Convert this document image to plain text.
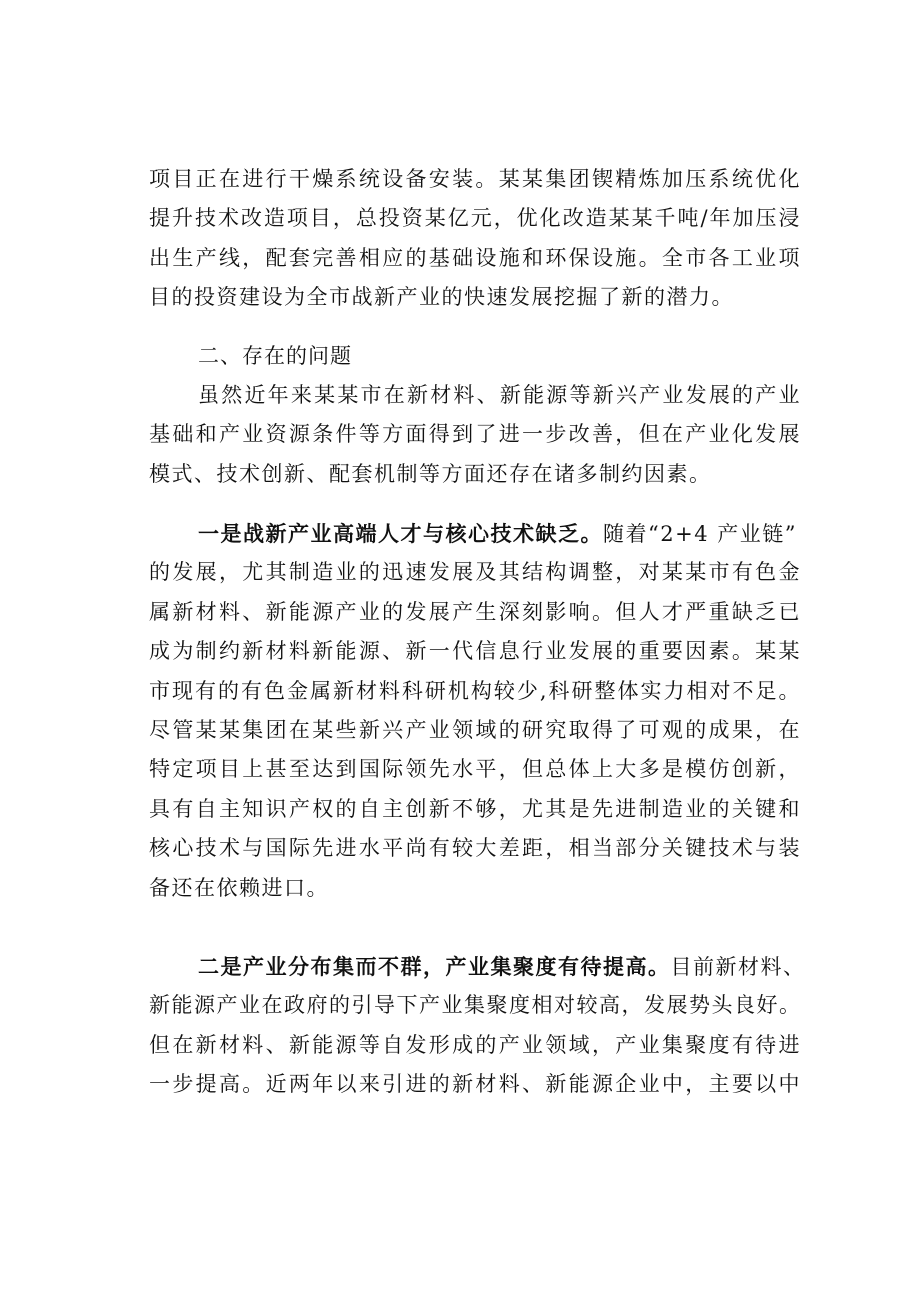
项目正在进行干燥系统设备安装。某某集团锲精炼加压系统优化
提升技术改造项目，总投资某亿元，优化改造某某千吨/年加压浸
出生产线，配套完善相应的基础设施和环保设施。全市各工业项
目的投资建设为全市战新产业的快速发展挖掘了新的潜力。
二、存在的问题
虽然近年来某某市在新材料、新能源等新兴产业发展的产业
基础和产业资源条件等方面得到了进一步改善，但在产业化发展
模式、技术创新、配套机制等方面还存在诸多制约因素。
一是战新产业高端人才与核心技术缺乏。随着“2+4 产业链”
的发展，尤其制造业的迅速发展及其结构调整，对某某市有色金
属新材料、新能源产业的发展产生深刻影响。但人才严重缺乏已
成为制约新材料新能源、新一代信息行业发展的重要因素。某某
市现有的有色金属新材料科研机构较少,科研整体实力相对不足。
尽管某某集团在某些新兴产业领域的研究取得了可观的成果，在
特定项目上甚至达到国际领先水平，但总体上大多是模仿创新，
具有自主知识产权的自主创新不够，尤其是先进制造业的关键和
核心技术与国际先进水平尚有较大差距，相当部分关键技术与装
备还在依赖进口。
二是产业分布集而不群，产业集聚度有待提高。目前新材料、
新能源产业在政府的引导下产业集聚度相对较高，发展势头良好。
但在新材料、新能源等自发形成的产业领域，产业集聚度有待进
一步提高。近两年以来引进的新材料、新能源企业中，主要以中
